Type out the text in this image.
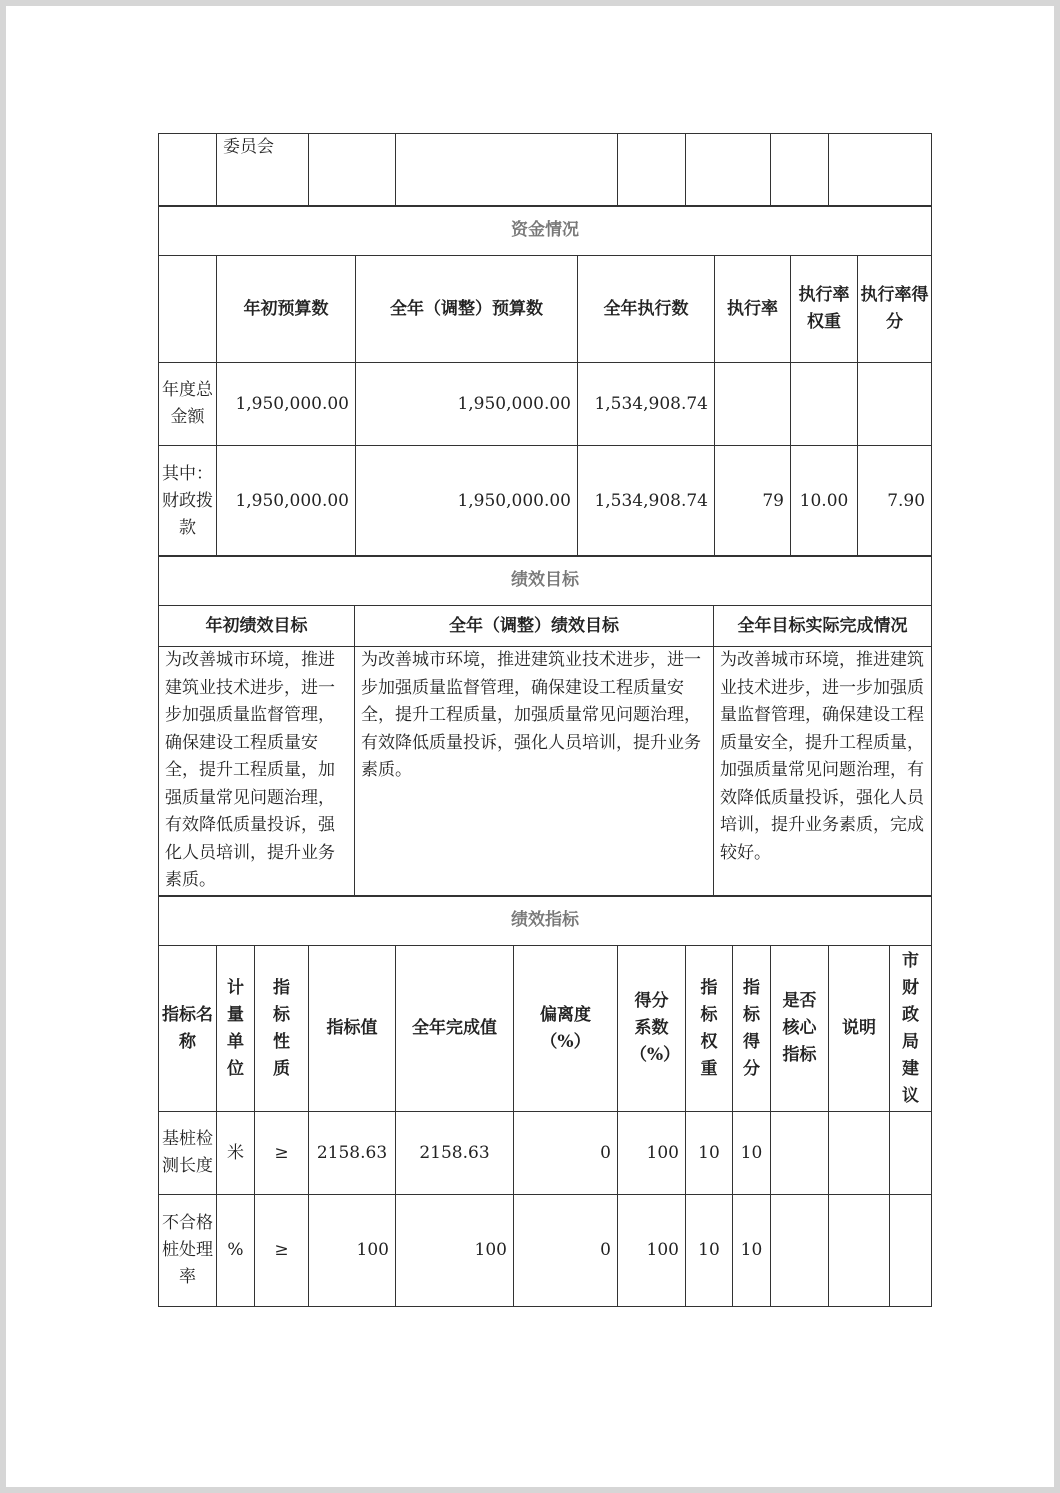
	委员会						
资金情况						
	年初预算数	全年（调整）预算数	全年执行数	执行率	执行率权重	执行率得分
年度总金额	1,950,000.00	1,950,000.00	1,534,908.74			
其中：财政拨款	1,950,000.00	1,950,000.00	1,534,908.74	79	10.00	7.90
绩效目标		
年初绩效目标	全年（调整）绩效目标	全年目标实际完成情况
为改善城市环境，推进建筑业技术进步，进一步加强质量监督管理，确保建设工程质量安全，提升工程质量，加强质量常见问题治理，有效降低质量投诉，强化人员培训，提升业务素质。	为改善城市环境，推进建筑业技术进步，进一步加强质量监督管理，确保建设工程质量安全，提升工程质量，加强质量常见问题治理，有效降低质量投诉，强化人员培训，提升业务素质。	为改善城市环境，推进建筑业技术进步，进一步加强质量监督管理，确保建设工程质量安全，提升工程质量，加强质量常见问题治理，有效降低质量投诉，强化人员培训，提升业务素质，完成较好。
绩效指标											
指标名称	计量单位	指标性质	指标值	全年完成值	偏离度（%）	得分系数（%）	指标权重	指标得分	是否核心指标	说明	市财政局建议
基桩检测长度	米	≥	2158.63	2158.63	0	100	10	10			
不合格桩处理率	%	≥	100	100	0	100	10	10			
